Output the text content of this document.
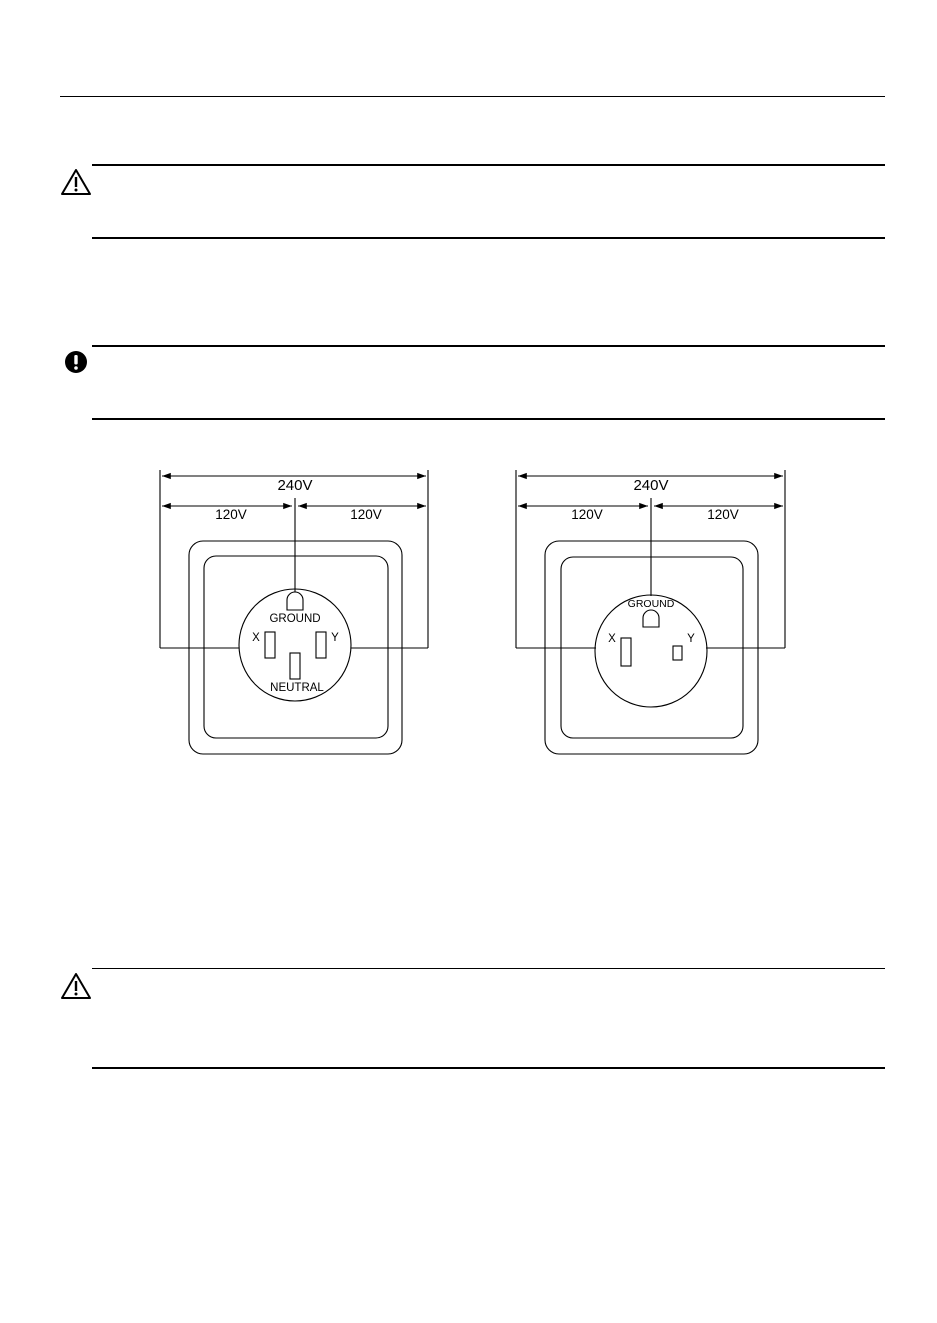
240V
120V	120V
GROUND
X	Y
NEUTRAL
240V
120V	120V
GROUND
X	Y
